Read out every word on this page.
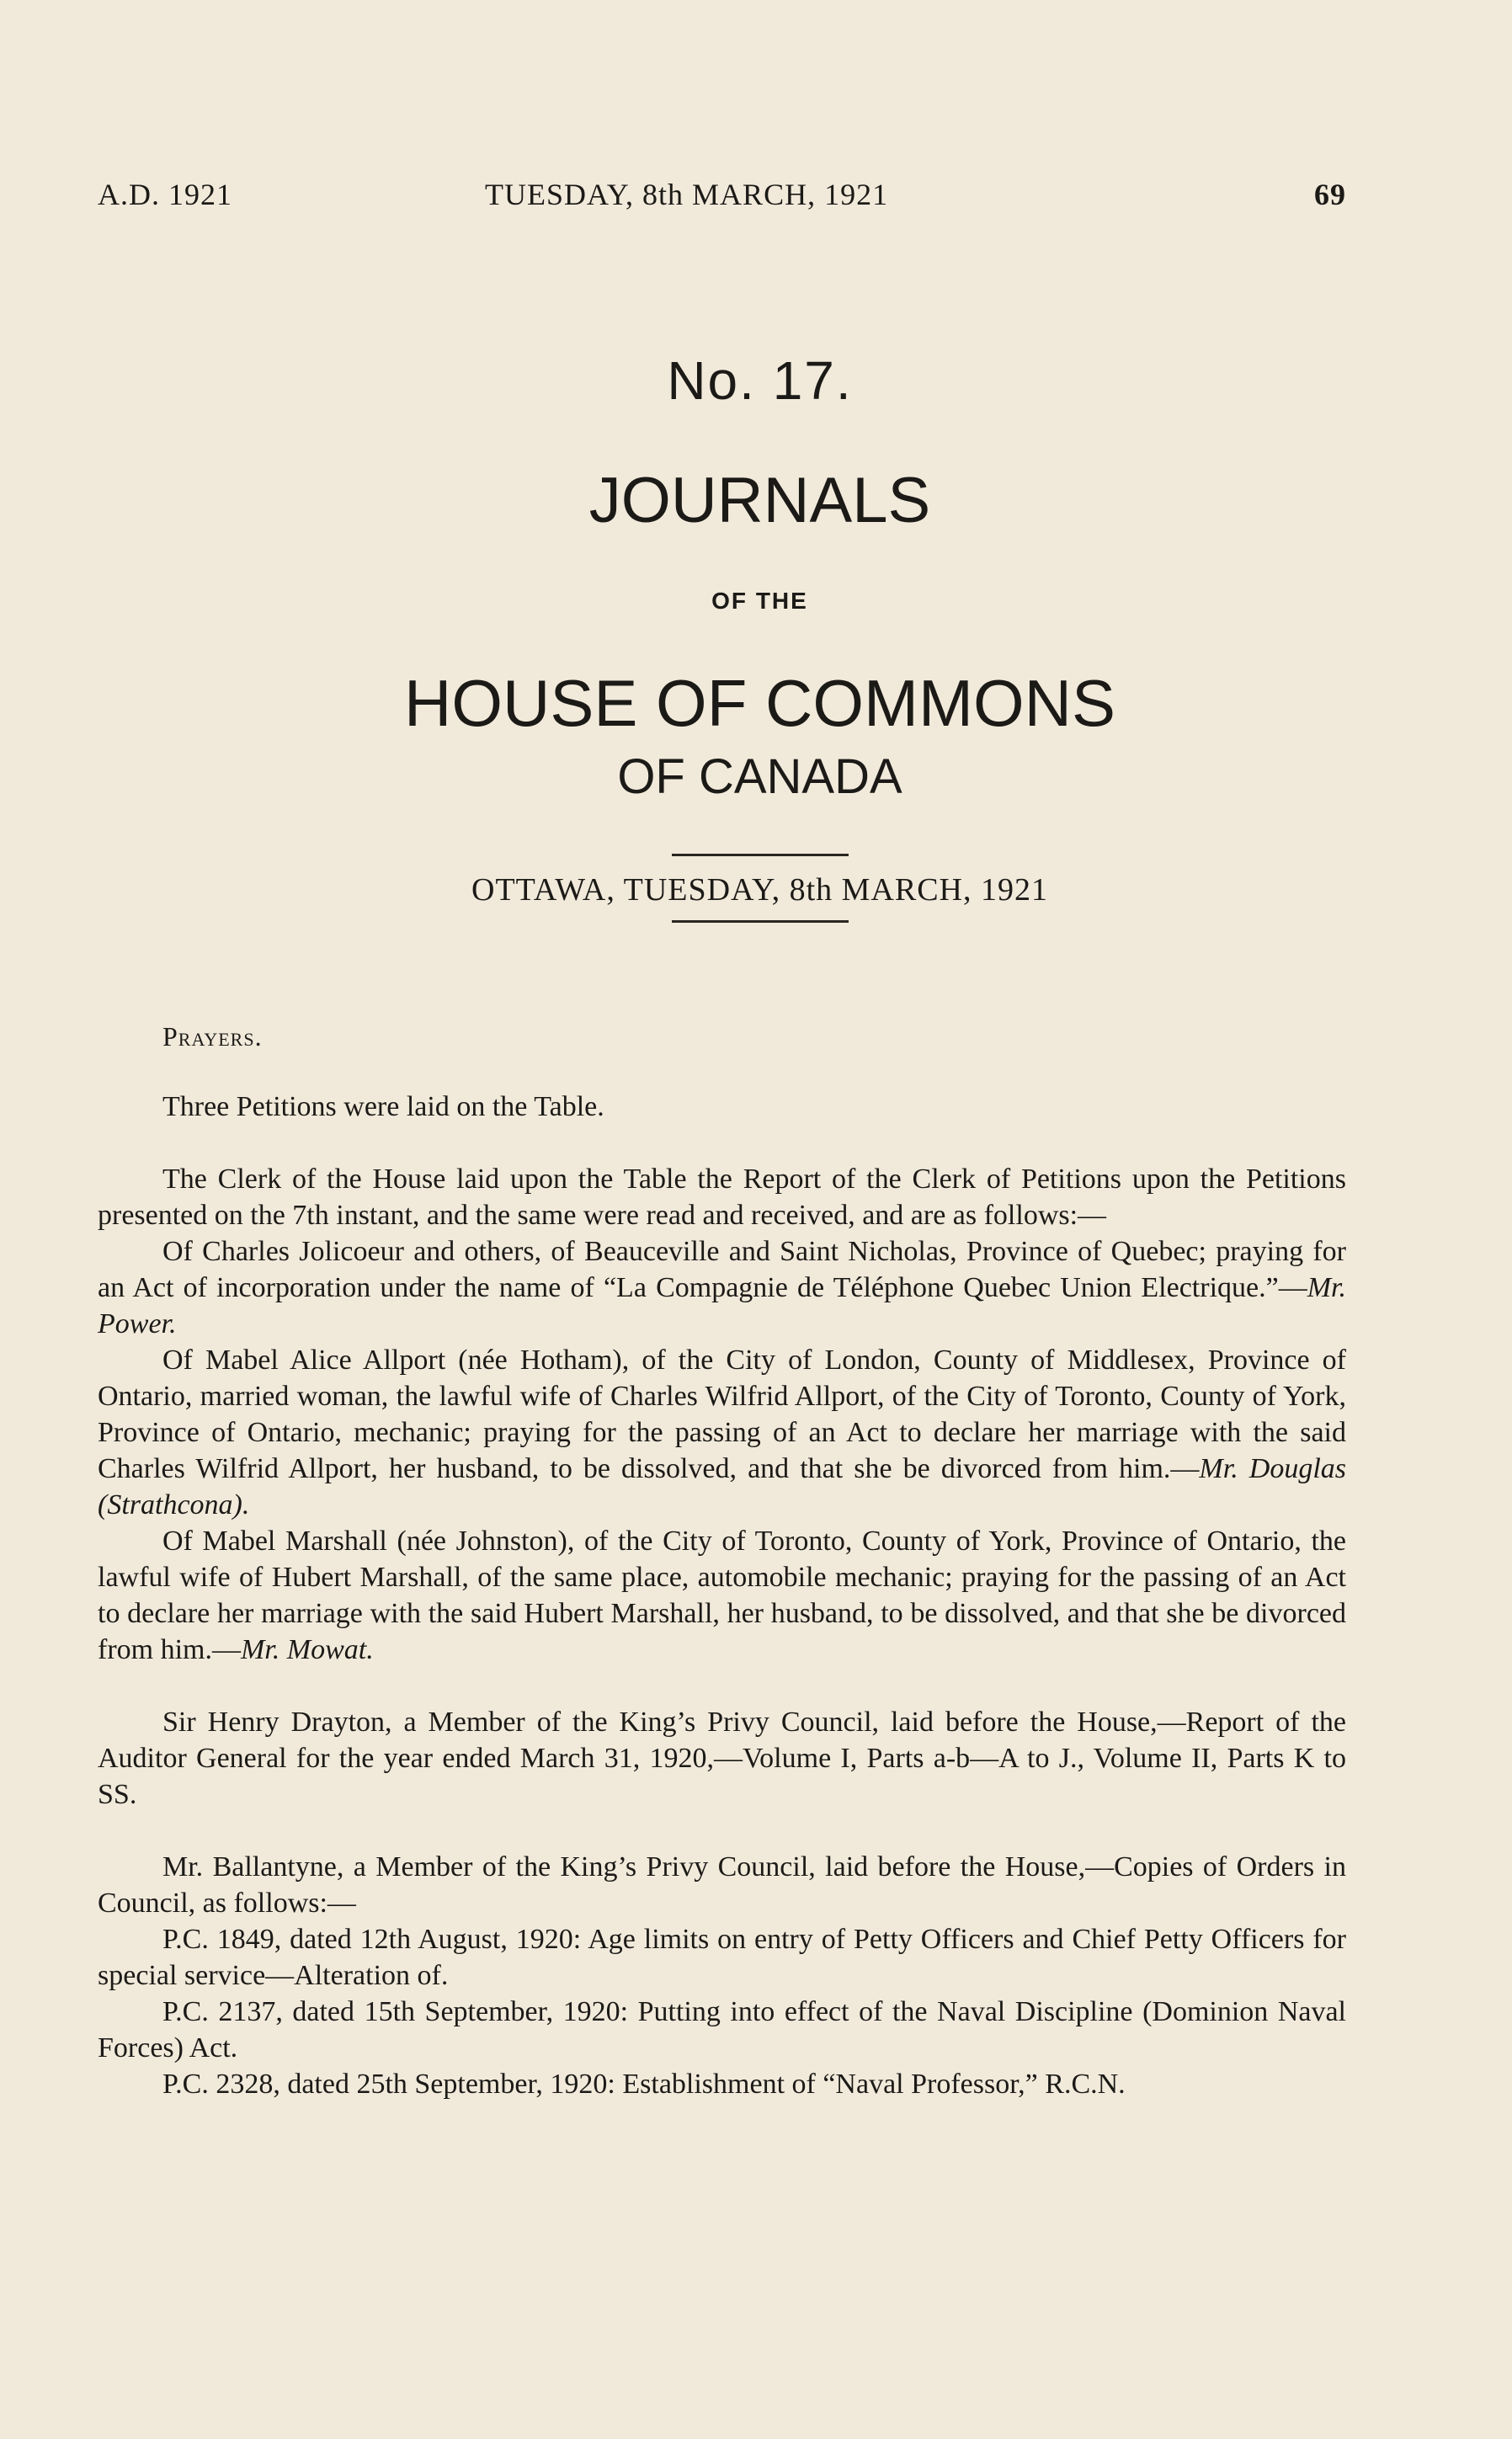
A.D. 1921	TUESDAY, 8th MARCH, 1921	69
No. 17.
JOURNALS
OF THE
HOUSE OF COMMONS
OF CANADA
OTTAWA, TUESDAY, 8th MARCH, 1921

Prayers.

Three Petitions were laid on the Table.

The Clerk of the House laid upon the Table the Report of the Clerk of Petitions upon the Petitions presented on the 7th instant, and the same were read and received, and are as follows:—

Of Charles Jolicoeur and others, of Beauceville and Saint Nicholas, Province of Quebec; praying for an Act of incorporation under the name of “La Compagnie de Téléphone Quebec Union Electrique.”—Mr. Power.

Of Mabel Alice Allport (née Hotham), of the City of London, County of Middlesex, Province of Ontario, married woman, the lawful wife of Charles Wilfrid Allport, of the City of Toronto, County of York, Province of Ontario, mechanic; praying for the passing of an Act to declare her marriage with the said Charles Wilfrid Allport, her husband, to be dissolved, and that she be divorced from him.—Mr. Douglas (Strathcona).

Of Mabel Marshall (née Johnston), of the City of Toronto, County of York, Province of Ontario, the lawful wife of Hubert Marshall, of the same place, automobile mechanic; praying for the passing of an Act to declare her marriage with the said Hubert Marshall, her husband, to be dissolved, and that she be divorced from him.—Mr. Mowat.

Sir Henry Drayton, a Member of the King’s Privy Council, laid before the House,—Report of the Auditor General for the year ended March 31, 1920,—Volume I, Parts a-b—A to J., Volume II, Parts K to SS.

Mr. Ballantyne, a Member of the King’s Privy Council, laid before the House,—Copies of Orders in Council, as follows:—

P.C. 1849, dated 12th August, 1920: Age limits on entry of Petty Officers and Chief Petty Officers for special service—Alteration of.

P.C. 2137, dated 15th September, 1920: Putting into effect of the Naval Discipline (Dominion Naval Forces) Act.

P.C. 2328, dated 25th September, 1920: Establishment of “Naval Professor,” R.C.N.
